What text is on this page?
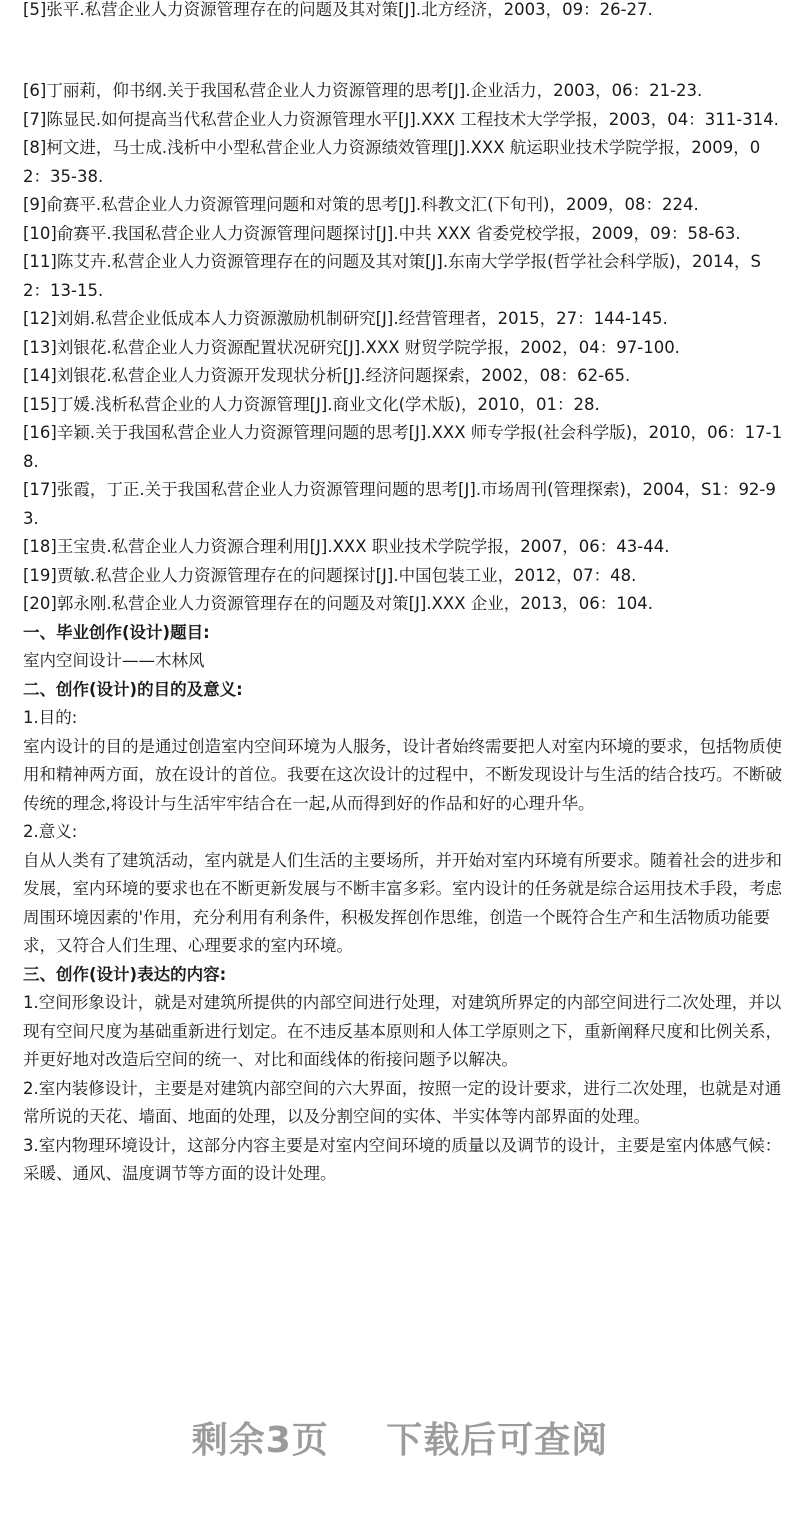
[5]张平.私营企业人力资源管理存在的问题及其对策[J].北方经济，2003，09：26-27.

[6]丁丽莉，仰书纲.关于我国私营企业人力资源管理的思考[J].企业活力，2003，06：21-23.

[7]陈显民.如何提高当代私营企业人力资源管理水平[J].XXX 工程技术大学学报，2003，04：311-314.

[8]柯文进，马士成.浅析中小型私营企业人力资源绩效管理[J].XXX 航运职业技术学院学报，2009，02：35-38.

[9]俞赛平.私营企业人力资源管理问题和对策的思考[J].科教文汇(下旬刊)，2009，08：224.

[10]俞赛平.我国私营企业人力资源管理问题探讨[J].中共 XXX 省委党校学报，2009，09：58-63.

[11]陈艾卉.私营企业人力资源管理存在的问题及其对策[J].东南大学学报(哲学社会科学版)，2014，S2：13-15.

[12]刘娟.私营企业低成本人力资源激励机制研究[J].经营管理者，2015，27：144-145.

[13]刘银花.私营企业人力资源配置状况研究[J].XXX 财贸学院学报，2002，04：97-100.

[14]刘银花.私营企业人力资源开发现状分析[J].经济问题探索，2002，08：62-65.

[15]丁媛.浅析私营企业的人力资源管理[J].商业文化(学术版)，2010，01：28.

[16]辛颖.关于我国私营企业人力资源管理问题的思考[J].XXX 师专学报(社会科学版)，2010，06：17-18.

[17]张霞，丁正.关于我国私营企业人力资源管理问题的思考[J].市场周刊(管理探索)，2004，S1：92-93.

[18]王宝贵.私营企业人力资源合理利用[J].XXX 职业技术学院学报，2007，06：43-44.

[19]贾敏.私营企业人力资源管理存在的问题探讨[J].中国包装工业，2012，07：48.

[20]郭永刚.私营企业人力资源管理存在的问题及对策[J].XXX 企业，2013，06：104.

一、毕业创作(设计)题目:

室内空间设计——木林风

二、创作(设计)的目的及意义:

1.目的:

室内设计的目的是通过创造室内空间环境为人服务，设计者始终需要把人对室内环境的要求，包括物质使用和精神两方面，放在设计的首位。我要在这次设计的过程中，不断发现设计与生活的结合技巧。不断破传统的理念,将设计与生活牢牢结合在一起,从而得到好的作品和好的心理升华。

2.意义:

自从人类有了建筑活动，室内就是人们生活的主要场所，并开始对室内环境有所要求。随着社会的进步和发展，室内环境的要求也在不断更新发展与不断丰富多彩。室内设计的任务就是综合运用技术手段，考虑周围环境因素的'作用，充分利用有利条件，积极发挥创作思维，创造一个既符合生产和生活物质功能要求，又符合人们生理、心理要求的室内环境。

三、创作(设计)表达的内容:

1.空间形象设计，就是对建筑所提供的内部空间进行处理，对建筑所界定的内部空间进行二次处理，并以现有空间尺度为基础重新进行划定。在不违反基本原则和人体工学原则之下，重新阐释尺度和比例关系，并更好地对改造后空间的统一、对比和面线体的衔接问题予以解决。

2.室内装修设计，主要是对建筑内部空间的六大界面，按照一定的设计要求，进行二次处理，也就是对通常所说的天花、墙面、地面的处理，以及分割空间的实体、半实体等内部界面的处理。

3.室内物理环境设计，这部分内容主要是对室内空间环境的质量以及调节的设计，主要是室内体感气候：采暖、通风、温度调节等方面的设计处理。

剩余3页 下载后可查阅
